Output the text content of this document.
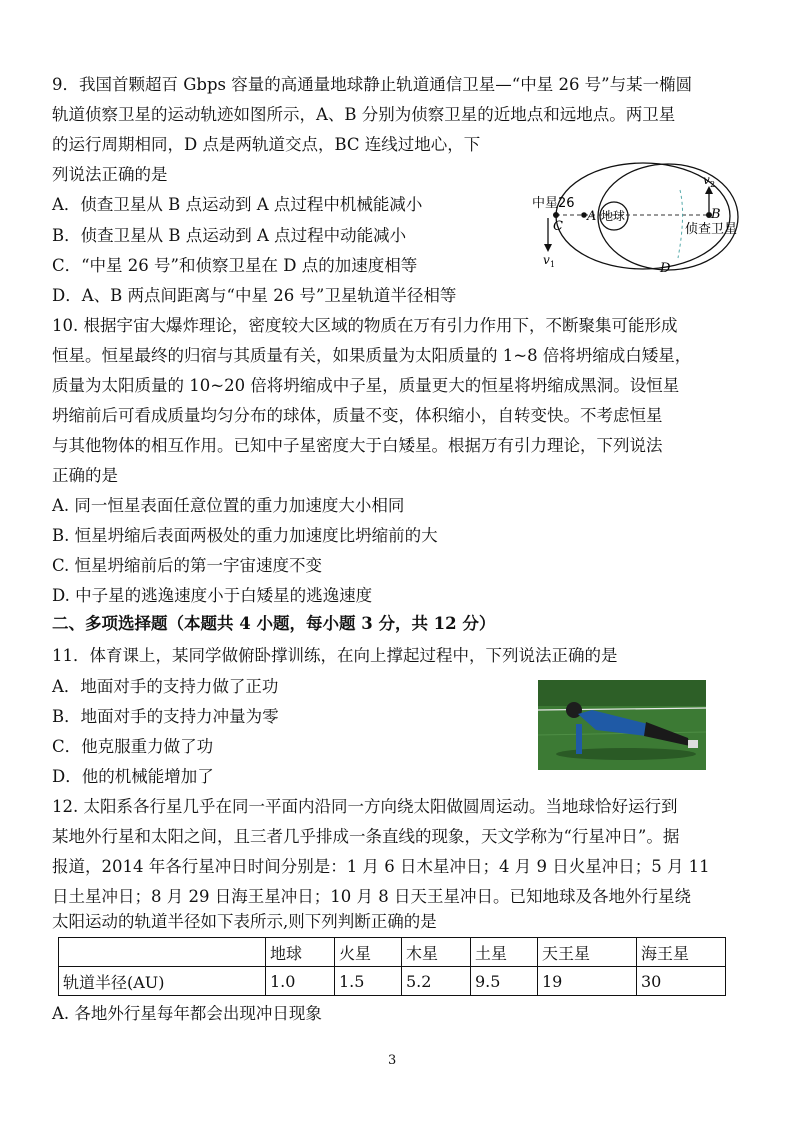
9．我国首颗超百 Gbps 容量的高通量地球静止轨道通信卫星—“中星 26 号”与某一椭圆
轨道侦察卫星的运动轨迹如图所示，A、B 分别为侦察卫星的近地点和远地点。两卫星
的运行周期相同，D 点是两轨道交点，BC 连线过地心，下
列说法正确的是
A．侦查卫星从 B 点运动到 A 点过程中机械能减小
B．侦查卫星从 B 点运动到 A 点过程中动能减小
C．“中星 26 号”和侦察卫星在 D 点的加速度相等
D．A、B 两点间距离与“中星 26 号”卫星轨道半径相等
中星26
C
A 地球	B
侦查卫星
D
v 1
v 2
10. 根据宇宙大爆炸理论，密度较大区域的物质在万有引力作用下，不断聚集可能形成
恒星。恒星最终的归宿与其质量有关，如果质量为太阳质量的 1~8 倍将坍缩成白矮星，
质量为太阳质量的 10~20 倍将坍缩成中子星，质量更大的恒星将坍缩成黑洞。设恒星
坍缩前后可看成质量均匀分布的球体，质量不变，体积缩小，自转变快。不考虑恒星
与其他物体的相互作用。已知中子星密度大于白矮星。根据万有引力理论，下列说法
正确的是
A. 同一恒星表面任意位置的重力加速度大小相同
B. 恒星坍缩后表面两极处的重力加速度比坍缩前的大
C. 恒星坍缩前后的第一宇宙速度不变
D. 中子星的逃逸速度小于白矮星的逃逸速度
二、多项选择题（本题共 4 小题，每小题 3 分，共 12 分）
11．体育课上，某同学做俯卧撑训练，在向上撑起过程中，下列说法正确的是
A．地面对手的支持力做了正功
B．地面对手的支持力冲量为零
C．他克服重力做了功
D．他的机械能增加了
12. 太阳系各行星几乎在同一平面内沿同一方向绕太阳做圆周运动。当地球恰好运行到
某地外行星和太阳之间，且三者几乎排成一条直线的现象，天文学称为“行星冲日”。据
报道，2014 年各行星冲日时间分别是：1 月 6 日木星冲日；4 月 9 日火星冲日；5 月 11
日土星冲日；8 月 29 日海王星冲日；10 月 8 日天王星冲日。已知地球及各地外行星绕
太阳运动的轨道半径如下表所示,则下列判断正确的是
	地球	火星	木星	土星	天王星	海王星
轨道半径(AU)	1.0	1.5	5.2	9.5	19	30
A. 各地外行星每年都会出现冲日现象
3
